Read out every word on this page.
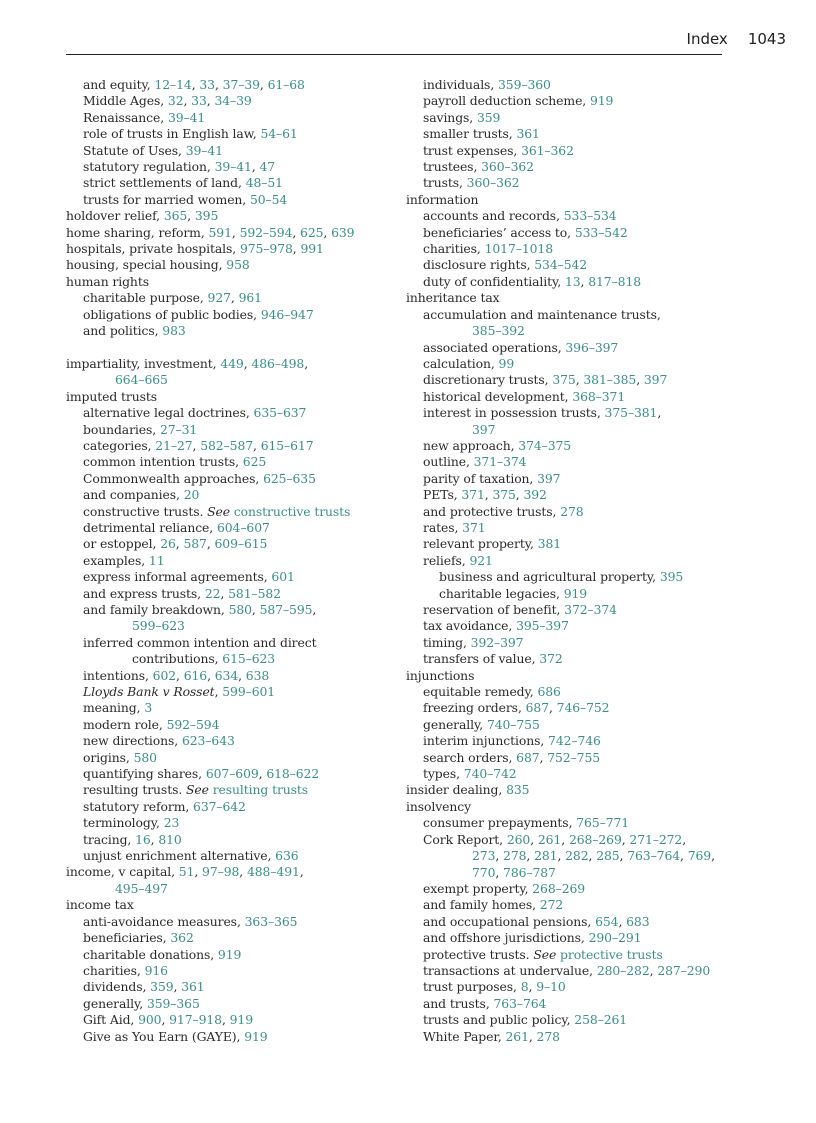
Index 1043
and equity, 12–14, 33, 37–39, 61–68
Middle Ages, 32, 33, 34–39
Renaissance, 39–41
role of trusts in English law, 54–61
Statute of Uses, 39–41
statutory regulation, 39–41, 47
strict settlements of land, 48–51
trusts for married women, 50–54
holdover relief, 365, 395
home sharing, reform, 591, 592–594, 625, 639
hospitals, private hospitals, 975–978, 991
housing, special housing, 958
human rights
charitable purpose, 927, 961
obligations of public bodies, 946–947
and politics, 983
impartiality, investment, 449, 486–498,
664–665
imputed trusts
alternative legal doctrines, 635–637
boundaries, 27–31
categories, 21–27, 582–587, 615–617
common intention trusts, 625
Commonwealth approaches, 625–635
and companies, 20
constructive trusts. See constructive trusts
detrimental reliance, 604–607
or estoppel, 26, 587, 609–615
examples, 11
express informal agreements, 601
and express trusts, 22, 581–582
and family breakdown, 580, 587–595,
599–623
inferred common intention and direct
contributions, 615–623
intentions, 602, 616, 634, 638
Lloyds Bank v Rosset, 599–601
meaning, 3
modern role, 592–594
new directions, 623–643
origins, 580
quantifying shares, 607–609, 618–622
resulting trusts. See resulting trusts
statutory reform, 637–642
terminology, 23
tracing, 16, 810
unjust enrichment alternative, 636
income, v capital, 51, 97–98, 488–491,
495–497
income tax
anti-avoidance measures, 363–365
beneficiaries, 362
charitable donations, 919
charities, 916
dividends, 359, 361
generally, 359–365
Gift Aid, 900, 917–918, 919
Give as You Earn (GAYE), 919
individuals, 359–360
payroll deduction scheme, 919
savings, 359
smaller trusts, 361
trust expenses, 361–362
trustees, 360–362
trusts, 360–362
information
accounts and records, 533–534
beneficiaries’ access to, 533–542
charities, 1017–1018
disclosure rights, 534–542
duty of confidentiality, 13, 817–818
inheritance tax
accumulation and maintenance trusts,
385–392
associated operations, 396–397
calculation, 99
discretionary trusts, 375, 381–385, 397
historical development, 368–371
interest in possession trusts, 375–381,
397
new approach, 374–375
outline, 371–374
parity of taxation, 397
PETs, 371, 375, 392
and protective trusts, 278
rates, 371
relevant property, 381
reliefs, 921
business and agricultural property, 395
charitable legacies, 919
reservation of benefit, 372–374
tax avoidance, 395–397
timing, 392–397
transfers of value, 372
injunctions
equitable remedy, 686
freezing orders, 687, 746–752
generally, 740–755
interim injunctions, 742–746
search orders, 687, 752–755
types, 740–742
insider dealing, 835
insolvency
consumer prepayments, 765–771
Cork Report, 260, 261, 268–269, 271–272,
273, 278, 281, 282, 285, 763–764, 769,
770, 786–787
exempt property, 268–269
and family homes, 272
and occupational pensions, 654, 683
and offshore jurisdictions, 290–291
protective trusts. See protective trusts
transactions at undervalue, 280–282, 287–290
trust purposes, 8, 9–10
and trusts, 763–764
trusts and public policy, 258–261
White Paper, 261, 278
